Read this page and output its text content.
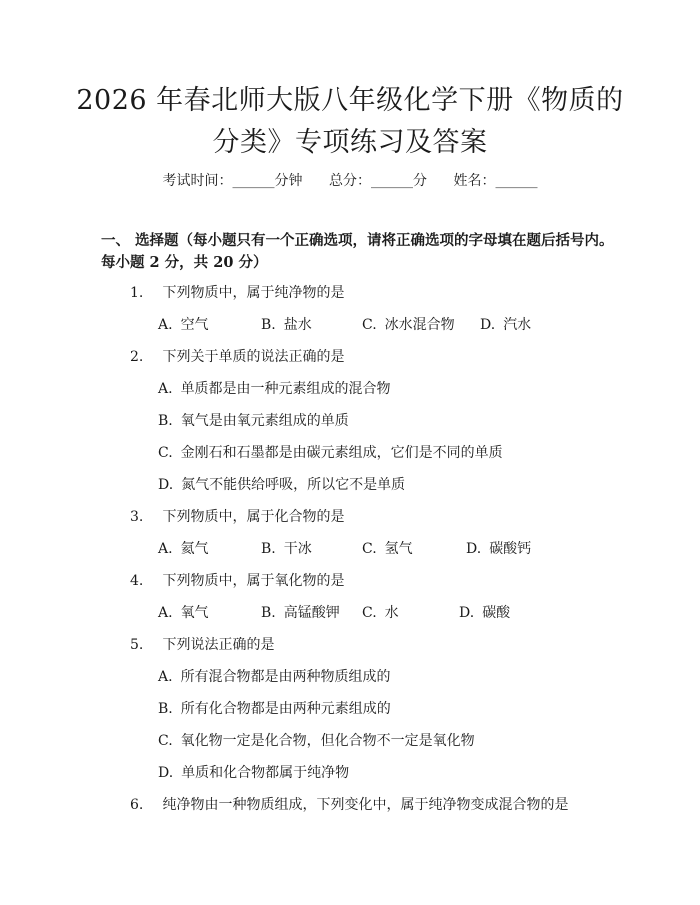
2026 年春北师大版八年级化学下册《物质的
分类》专项练习及答案
考试时间：______分钟 总分：______分 姓名：______
一、 选择题（每小题只有一个正确选项，请将正确选项的字母填在题后括号内。
每小题 2 分，共 20 分）
1. 下列物质中，属于纯净物的是
A. 空气	B. 盐水	C. 冰水混合物 D. 汽水
2. 下列关于单质的说法正确的是
A. 单质都是由一种元素组成的混合物
B. 氧气是由氧元素组成的单质
C. 金刚石和石墨都是由碳元素组成，它们是不同的单质
D. 氮气不能供给呼吸，所以它不是单质
3. 下列物质中，属于化合物的是
A. 氦气	B. 干冰	C. 氢气	D. 碳酸钙
4. 下列物质中，属于氧化物的是
A. 氧气	B. 高锰酸钾 C. 水	D. 碳酸
5. 下列说法正确的是
A. 所有混合物都是由两种物质组成的
B. 所有化合物都是由两种元素组成的
C. 氧化物一定是化合物，但化合物不一定是氧化物
D. 单质和化合物都属于纯净物
6. 纯净物由一种物质组成，下列变化中，属于纯净物变成混合物的是
